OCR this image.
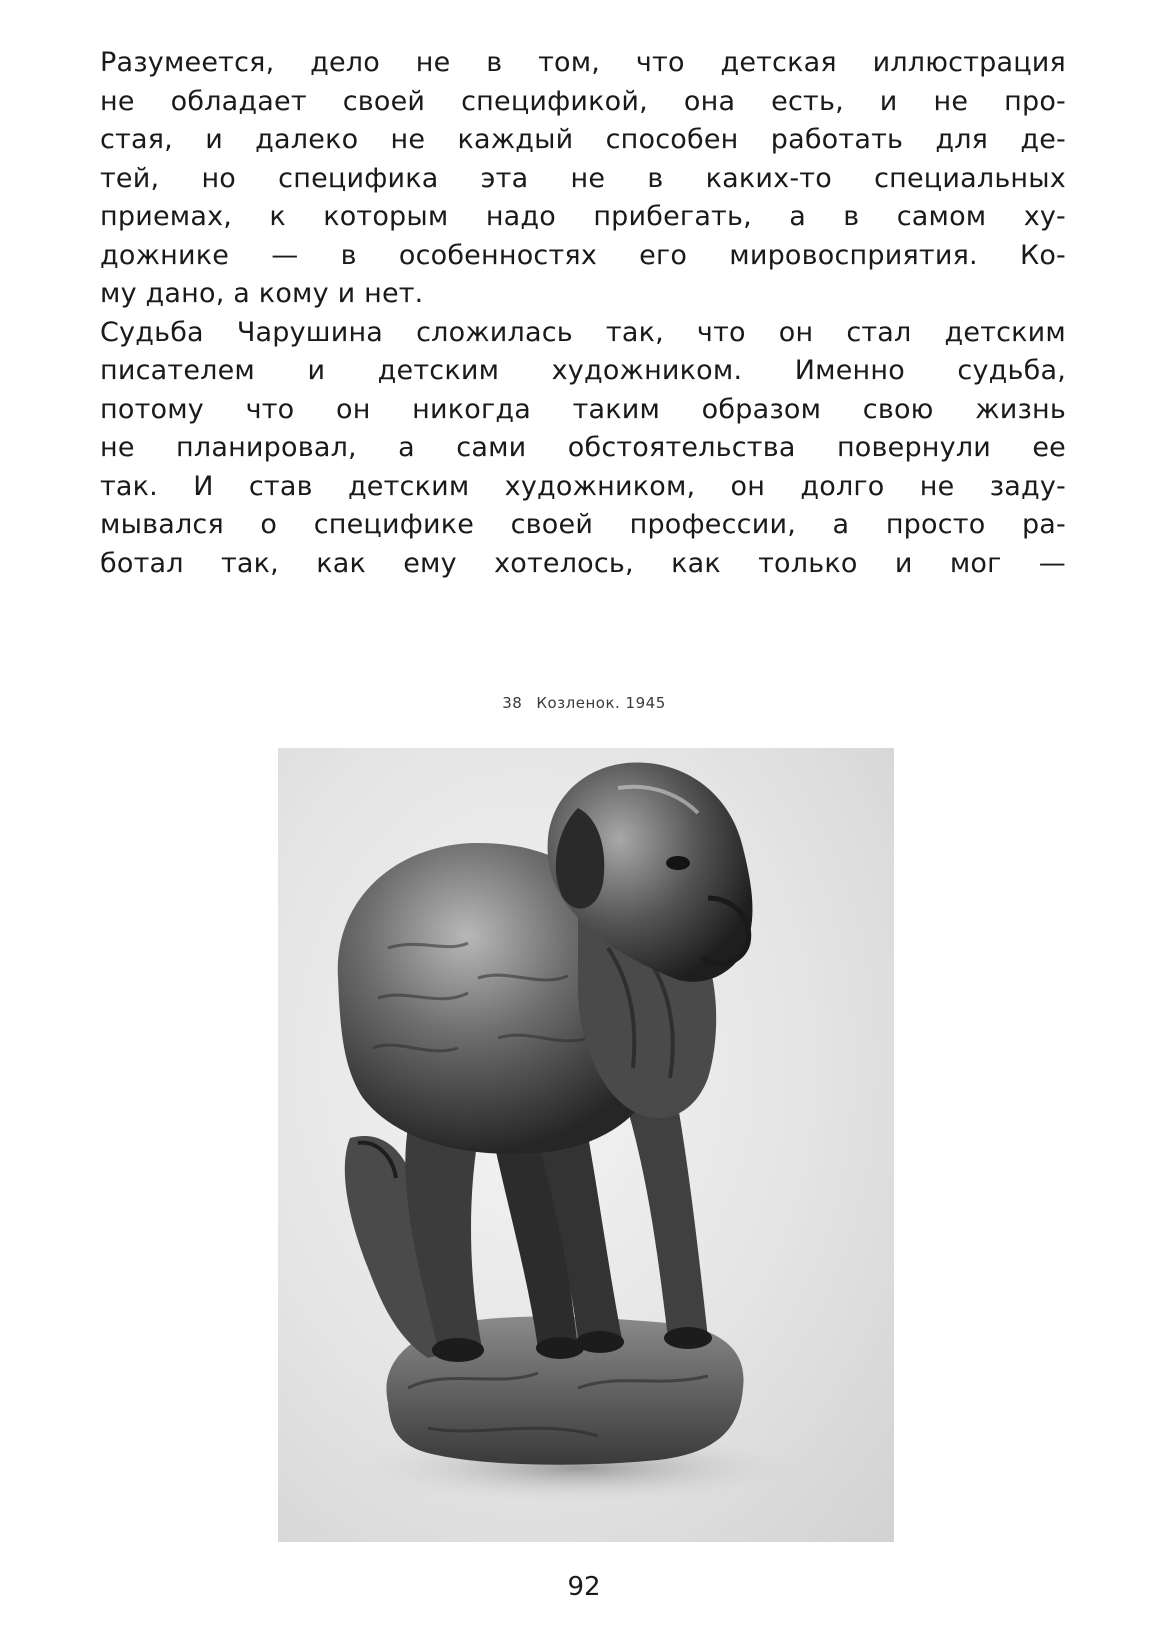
Разумеется, дело не в том, что детская иллюстрация
не обладает своей спецификой, она есть, и не про-
стая, и далеко не каждый способен работать для де-
тей, но специфика эта не в каких-то специальных
приемах, к которым надо прибегать, а в самом ху-
дожнике — в особенностях его мировосприятия. Ко-
му дано, а кому и нет.
Судьба Чарушина сложилась так, что он стал детским
писателем и детским художником. Именно судьба,
потому что он никогда таким образом свою жизнь
не планировал, а сами обстоятельства повернули ее
так. И став детским художником, он долго не заду-
мывался о специфике своей профессии, а просто ра-
ботал так, как ему хотелось, как только и мог —
38 Козленок. 1945
92
